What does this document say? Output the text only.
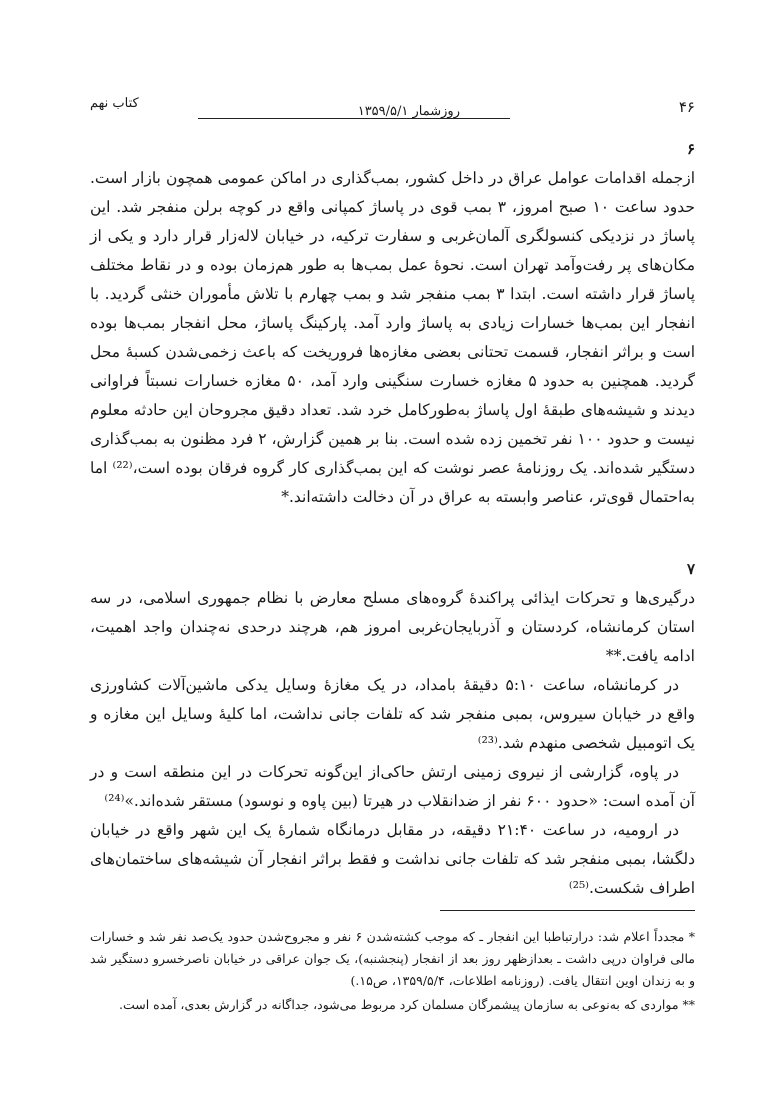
۴۶
روزشمار ۱۳۵۹/۵/۱
کتاب نهم
۶

ازجمله اقدامات عوامل عراق در داخل کشور، بمب‌گذاری در اماکن عمومی همچون بازار است. حدود ساعت ۱۰ صبح امروز، ۳ بمب قوی در پاساژ کمپانی واقع در کوچه برلن منفجر شد. این پاساژ در نزدیکی کنسولگری آلمان‌غربی و سفارت ترکیه، در خیابان لاله‌زار قرار دارد و یکی از مکان‌های پر رفت‌وآمد تهران است. نحوهٔ عمل بمب‌ها به طور هم‌زمان بوده و در نقاط مختلف پاساژ قرار داشته است. ابتدا ۳ بمب منفجر شد و بمب چهارم با تلاش مأموران خنثی گردید. با انفجار این بمب‌ها خسارات زیادی به پاساژ وارد آمد. پارکینگ پاساژ، محل انفجار بمب‌ها بوده است و براثر انفجار، قسمت تحتانی بعضی مغازه‌ها فروریخت که باعث زخمی‌شدن کسبهٔ محل گردید. همچنین به حدود ۵ مغازه خسارت سنگینی وارد آمد، ۵۰ مغازه خسارات نسبتاً فراوانی دیدند و شیشه‌های طبقهٔ اول پاساژ به‌طورکامل خرد شد. تعداد دقیق مجروحان این حادثه معلوم نیست و حدود ۱۰۰ نفر تخمین زده شده است. بنا بر همین گزارش، ۲ فرد مظنون به بمب‌گذاری دستگیر شده‌اند. یک روزنامهٔ عصر نوشت که این بمب‌گذاری کار گروه فرقان بوده است،⁽²²⁾ اما به‌احتمال قوی‌تر، عناصر وابسته به عراق در آن دخالت داشته‌اند.*

۷

درگیری‌ها و تحرکات ایذائی پراکندهٔ گروه‌های مسلح معارض با نظام جمهوری اسلامی، در سه استان کرمانشاه، کردستان و آذربایجان‌غربی امروز هم، هرچند درحدی نه‌چندان واجد اهمیت، ادامه یافت.**

در کرمانشاه، ساعت ۵:۱۰ دقیقهٔ بامداد، در یک مغازهٔ وسایل یدکی ماشین‌آلات کشاورزی واقع در خیابان سیروس، بمبی منفجر شد که تلفات جانی نداشت، اما کلیهٔ وسایل این مغازه و یک اتومبیل شخصی منهدم شد.⁽²³⁾

در پاوه، گزارشی از نیروی زمینی ارتش حاکی‌از این‌گونه تحرکات در این منطقه است و در آن آمده است: «حدود ۶۰۰ نفر از ضدانقلاب در هیرتا (بین پاوه و نوسود) مستقر شده‌اند.»⁽²⁴⁾

در ارومیه، در ساعت ۲۱:۴۰ دقیقه، در مقابل درمانگاه شمارهٔ یک این شهر واقع در خیابان دلگشا، بمبی منفجر شد که تلفات جانی نداشت و فقط براثر انفجار آن شیشه‌های ساختمان‌های اطراف شکست.⁽²⁵⁾

* مجدداً اعلام شد: درارتباطبا این انفجار ـ که موجب کشته‌شدن ۶ نفر و مجروح‌شدن حدود یک‌صد نفر شد و خسارات مالی فراوان درپی داشت ـ بعدازظهر روز بعد از انفجار (پنجشنبه)، یک جوان عراقی در خیابان ناصرخسرو دستگیر شد و به زندان اوین انتقال یافت. (روزنامه اطلاعات، ۱۳۵۹/۵/۴، ص۱۵.)

** مواردی که به‌نوعی به سازمان پیشمرگان مسلمان کرد مربوط می‌شود، جداگانه در گزارش بعدی، آمده است.
